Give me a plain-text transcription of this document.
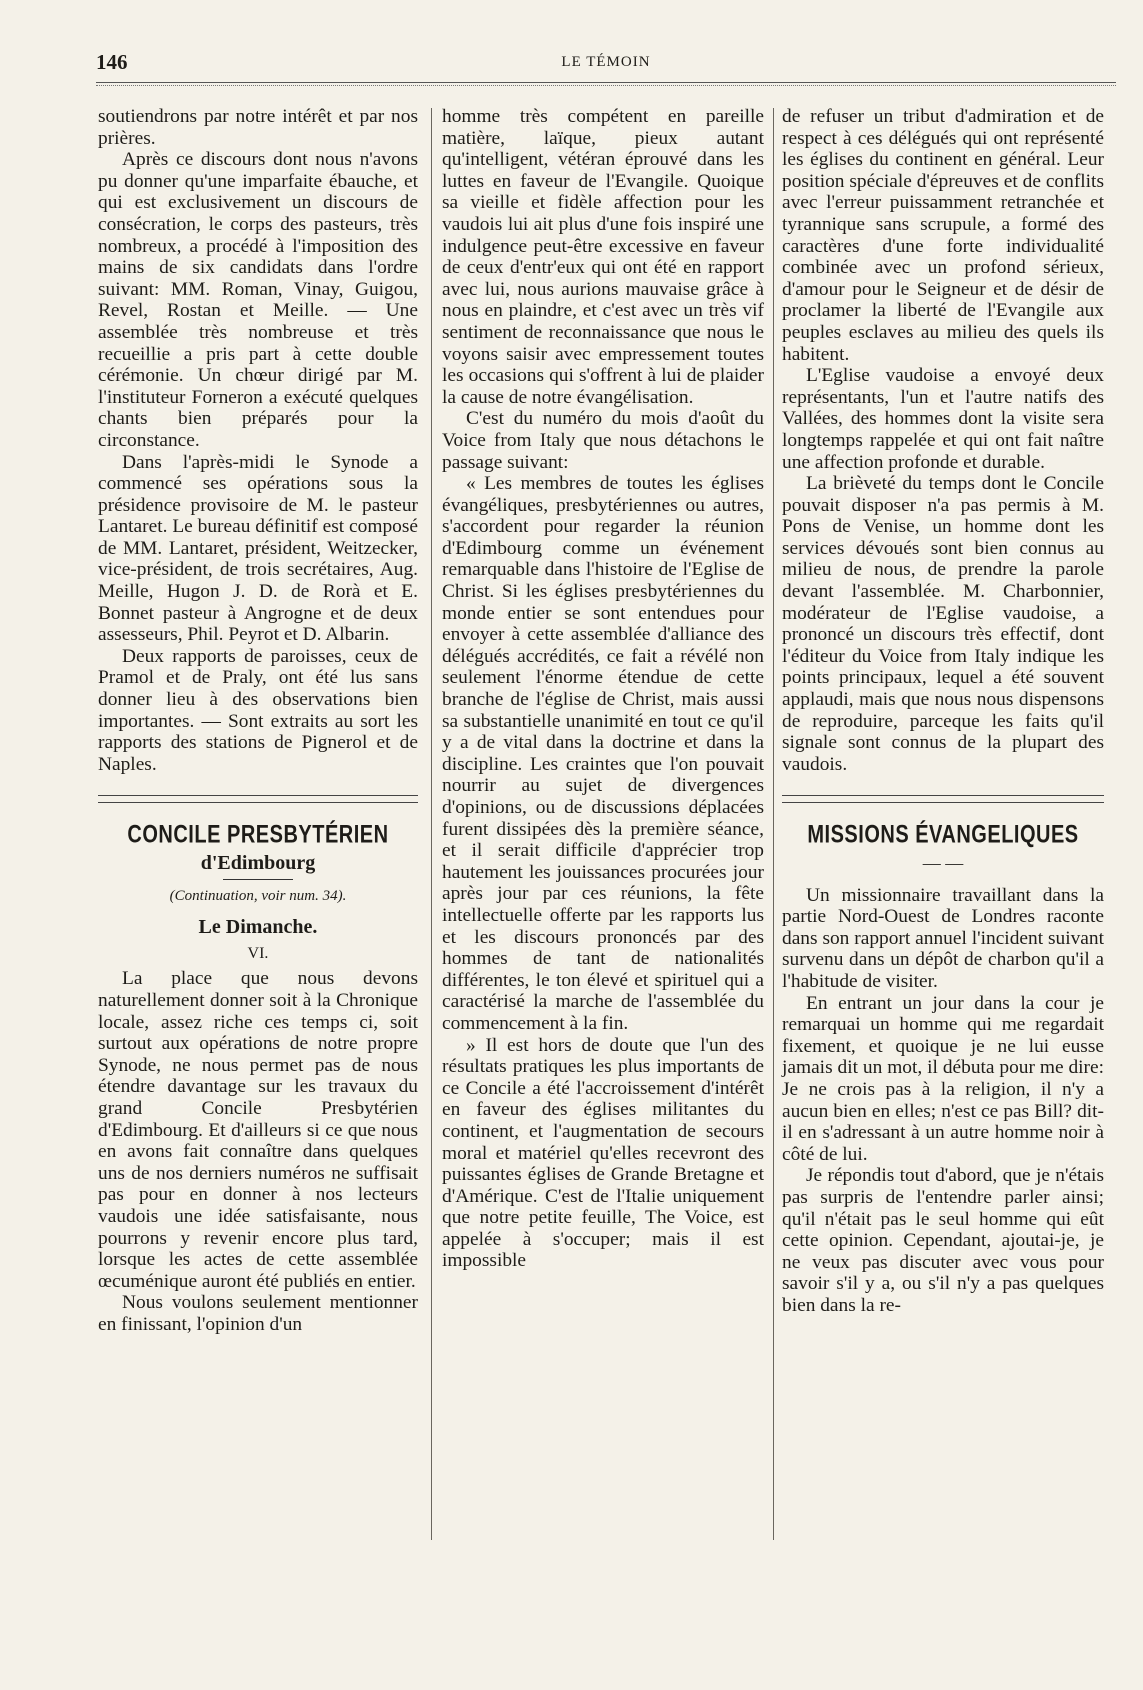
146	LE TÉMOIN

soutiendrons par notre intérêt et par nos prières.

Après ce discours dont nous n'avons pu donner qu'une imparfaite ébauche, et qui est exclusivement un discours de consécration, le corps des pasteurs, très nombreux, a procédé à l'imposition des mains de six candidats dans l'ordre suivant: MM. Roman, Vinay, Guigou, Revel, Rostan et Meille. — Une assemblée très nombreuse et très recueillie a pris part à cette double cérémonie. Un chœur dirigé par M. l'instituteur Forneron a exécuté quelques chants bien préparés pour la circonstance.

Dans l'après-midi le Synode a commencé ses opérations sous la présidence provisoire de M. le pasteur Lantaret. Le bureau définitif est composé de MM. Lantaret, président, Weitzecker, vice-président, de trois secrétaires, Aug. Meille, Hugon J. D. de Rorà et E. Bonnet pasteur à Angrogne et de deux assesseurs, Phil. Peyrot et D. Albarin.

Deux rapports de paroisses, ceux de Pramol et de Praly, ont été lus sans donner lieu à des observations bien importantes. — Sont extraits au sort les rapports des stations de Pignerol et de Naples.

CONCILE PRESBYTÉRIEN
d'Edimbourg
(Continuation, voir num. 34).
Le Dimanche.
VI.

La place que nous devons naturellement donner soit à la Chronique locale, assez riche ces temps ci, soit surtout aux opérations de notre propre Synode, ne nous permet pas de nous étendre davantage sur les travaux du grand Concile Presbytérien d'Edimbourg. Et d'ailleurs si ce que nous en avons fait connaître dans quelques uns de nos derniers numéros ne suffisait pas pour en donner à nos lecteurs vaudois une idée satisfaisante, nous pourrons y revenir encore plus tard, lorsque les actes de cette assemblée œcuménique auront été publiés en entier.

Nous voulons seulement mentionner en finissant, l'opinion d'un

homme très compétent en pareille matière, laïque, pieux autant qu'intelligent, vétéran éprouvé dans les luttes en faveur de l'Evangile. Quoique sa vieille et fidèle affection pour les vaudois lui ait plus d'une fois inspiré une indulgence peut-être excessive en faveur de ceux d'entr'eux qui ont été en rapport avec lui, nous aurions mauvaise grâce à nous en plaindre, et c'est avec un très vif sentiment de reconnaissance que nous le voyons saisir avec empressement toutes les occasions qui s'offrent à lui de plaider la cause de notre évangélisation.

C'est du numéro du mois d'août du Voice from Italy que nous détachons le passage suivant:

« Les membres de toutes les églises évangéliques, presbytériennes ou autres, s'accordent pour regarder la réunion d'Edimbourg comme un événement remarquable dans l'histoire de l'Eglise de Christ. Si les églises presbytériennes du monde entier se sont entendues pour envoyer à cette assemblée d'alliance des délégués accrédités, ce fait a révélé non seulement l'énorme étendue de cette branche de l'église de Christ, mais aussi sa substantielle unanimité en tout ce qu'il y a de vital dans la doctrine et dans la discipline. Les craintes que l'on pouvait nourrir au sujet de divergences d'opinions, ou de discussions déplacées furent dissipées dès la première séance, et il serait difficile d'apprécier trop hautement les jouissances procurées jour après jour par ces réunions, la fête intellectuelle offerte par les rapports lus et les discours prononcés par des hommes de tant de nationalités différentes, le ton élevé et spirituel qui a caractérisé la marche de l'assemblée du commencement à la fin.

» Il est hors de doute que l'un des résultats pratiques les plus importants de ce Concile a été l'accroissement d'intérêt en faveur des églises militantes du continent, et l'augmentation de secours moral et matériel qu'elles recevront des puissantes églises de Grande Bretagne et d'Amérique. C'est de l'Italie uniquement que notre petite feuille, The Voice, est appelée à s'occuper; mais il est impossible

de refuser un tribut d'admiration et de respect à ces délégués qui ont représenté les églises du continent en général. Leur position spéciale d'épreuves et de conflits avec l'erreur puissamment retranchée et tyrannique sans scrupule, a formé des caractères d'une forte individualité combinée avec un profond sérieux, d'amour pour le Seigneur et de désir de proclamer la liberté de l'Evangile aux peuples esclaves au milieu des quels ils habitent.

L'Eglise vaudoise a envoyé deux représentants, l'un et l'autre natifs des Vallées, des hommes dont la visite sera longtemps rappelée et qui ont fait naître une affection profonde et durable.

La brièveté du temps dont le Concile pouvait disposer n'a pas permis à M. Pons de Venise, un homme dont les services dévoués sont bien connus au milieu de nous, de prendre la parole devant l'assemblée. M. Charbonnier, modérateur de l'Eglise vaudoise, a prononcé un discours très effectif, dont l'éditeur du Voice from Italy indique les points principaux, lequel a été souvent applaudi, mais que nous nous dispensons de reproduire, parceque les faits qu'il signale sont connus de la plupart des vaudois.

MISSIONS ÉVANGELIQUES
— —

Un missionnaire travaillant dans la partie Nord-Ouest de Londres raconte dans son rapport annuel l'incident suivant survenu dans un dépôt de charbon qu'il a l'habitude de visiter.

En entrant un jour dans la cour je remarquai un homme qui me regardait fixement, et quoique je ne lui eusse jamais dit un mot, il débuta pour me dire: Je ne crois pas à la religion, il n'y a aucun bien en elles; n'est ce pas Bill? dit-il en s'adressant à un autre homme noir à côté de lui.

Je répondis tout d'abord, que je n'étais pas surpris de l'entendre parler ainsi; qu'il n'était pas le seul homme qui eût cette opinion. Cependant, ajoutai-je, je ne veux pas discuter avec vous pour savoir s'il y a, ou s'il n'y a pas quelques bien dans la re-
